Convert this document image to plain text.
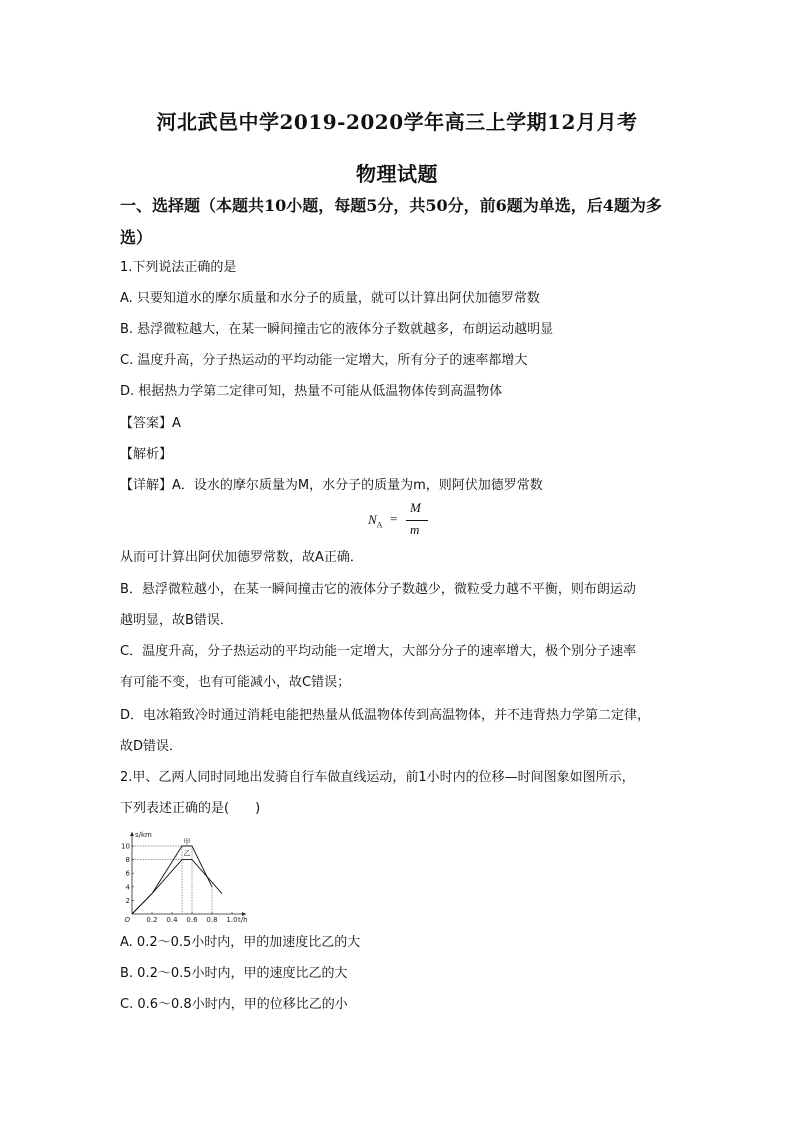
河北武邑中学2019-2020学年高三上学期12月月考
物理试题
一、选择题（本题共10小题，每题5分，共50分，前6题为单选，后4题为多选）
1.下列说法正确的是
A. 只要知道水的摩尔质量和水分子的质量，就可以计算出阿伏加德罗常数
B. 悬浮微粒越大，在某一瞬间撞击它的液体分子数就越多，布朗运动越明显
C. 温度升高，分子热运动的平均动能一定增大，所有分子的速率都增大
D. 根据热力学第二定律可知，热量不可能从低温物体传到高温物体
【答案】A
【解析】
【详解】A．设水的摩尔质量为M，水分子的质量为m，则阿伏加德罗常数
$N_A$ =
M
m
从而可计算出阿伏加德罗常数，故A正确．
B．悬浮微粒越小，在某一瞬间撞击它的液体分子数越少，微粒受力越不平衡，则布朗运动
越明显，故B错误．
C．温度升高，分子热运动的平均动能一定增大，大部分分子的速率增大，极个别分子速率
有可能不变，也有可能减小，故C错误；
D．电冰箱致冷时通过消耗电能把热量从低温物体传到高温物体，并不违背热力学第二定律，
故D错误．
2.甲、乙两人同时同地出发骑自行车做直线运动，前1小时内的位移—时间图象如图所示，
下列表述正确的是(　　)
0.2 0.4 0.6 0.8 1.0
2
4
6
8
10
甲
乙
s/km
t/h
O
A. 0.2～0.5小时内，甲的加速度比乙的大
B. 0.2～0.5小时内，甲的速度比乙的大
C. 0.6～0.8小时内，甲的位移比乙的小
